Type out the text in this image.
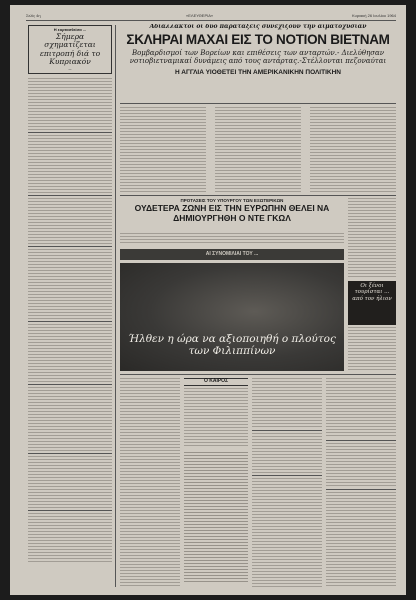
Σελίς 4η	«ΕΛΕΥΘΕΡΙΑ»	Κυριακή 26 Ιουλίου 1964
Η εορτασθείσα ...
Σήμερα σχηματίζεται επιτροπή διά το Κυπριακόν
...
Αδιάλλακτοι οι δύο παρατάξεις συνεχίζουν την αιματοχυσίαν
ΣΚΛΗΡΑΙ ΜΑΧΑΙ ΕΙΣ ΤΟ ΝΟΤΙΟΝ ΒΙΕΤΝΑΜ
Βομβαρδισμοί των Βορείων και επιθέσεις των ανταρτών.- Διελύθησαν νοτιοβιετναμικαί δυνάμεις από τους αντάρτας.-Στέλλονται πεζοναύται
Η ΑΓΓΛΙΑ ΥΙΟΘΕΤΕΙ ΤΗΝ ΑΜΕΡΙΚΑΝΙΚΗΝ ΠΟΛΙΤΙΚΗΝ
ΠΡΟΤΑΣΕΙΣ ΤΟΥ ΥΠΟΥΡΓΟΥ ΤΩΝ ΕΞΩΤΕΡΙΚΩΝ
ΟΥΔΕΤΕΡΑ ΖΩΝΗ ΕΙΣ ΤΗΝ ΕΥΡΩΠΗΝ ΘΕΛΕΙ ΝΑ ΔΗΜΙΟΥΡΓΗΘΗ Ο ΝΤΕ ΓΚΩΛ
ΑΙ ΣΥΝΟΜΙΛΙΑΙ ΤΟΥ ...
Ήλθεν η ώρα να αξιοποιηθή ο πλούτος των Φιλιππίνων
Οι ξένοι τουρίσται ... από τον ήλιον
Ο ΚΑΙΡΟΣ
